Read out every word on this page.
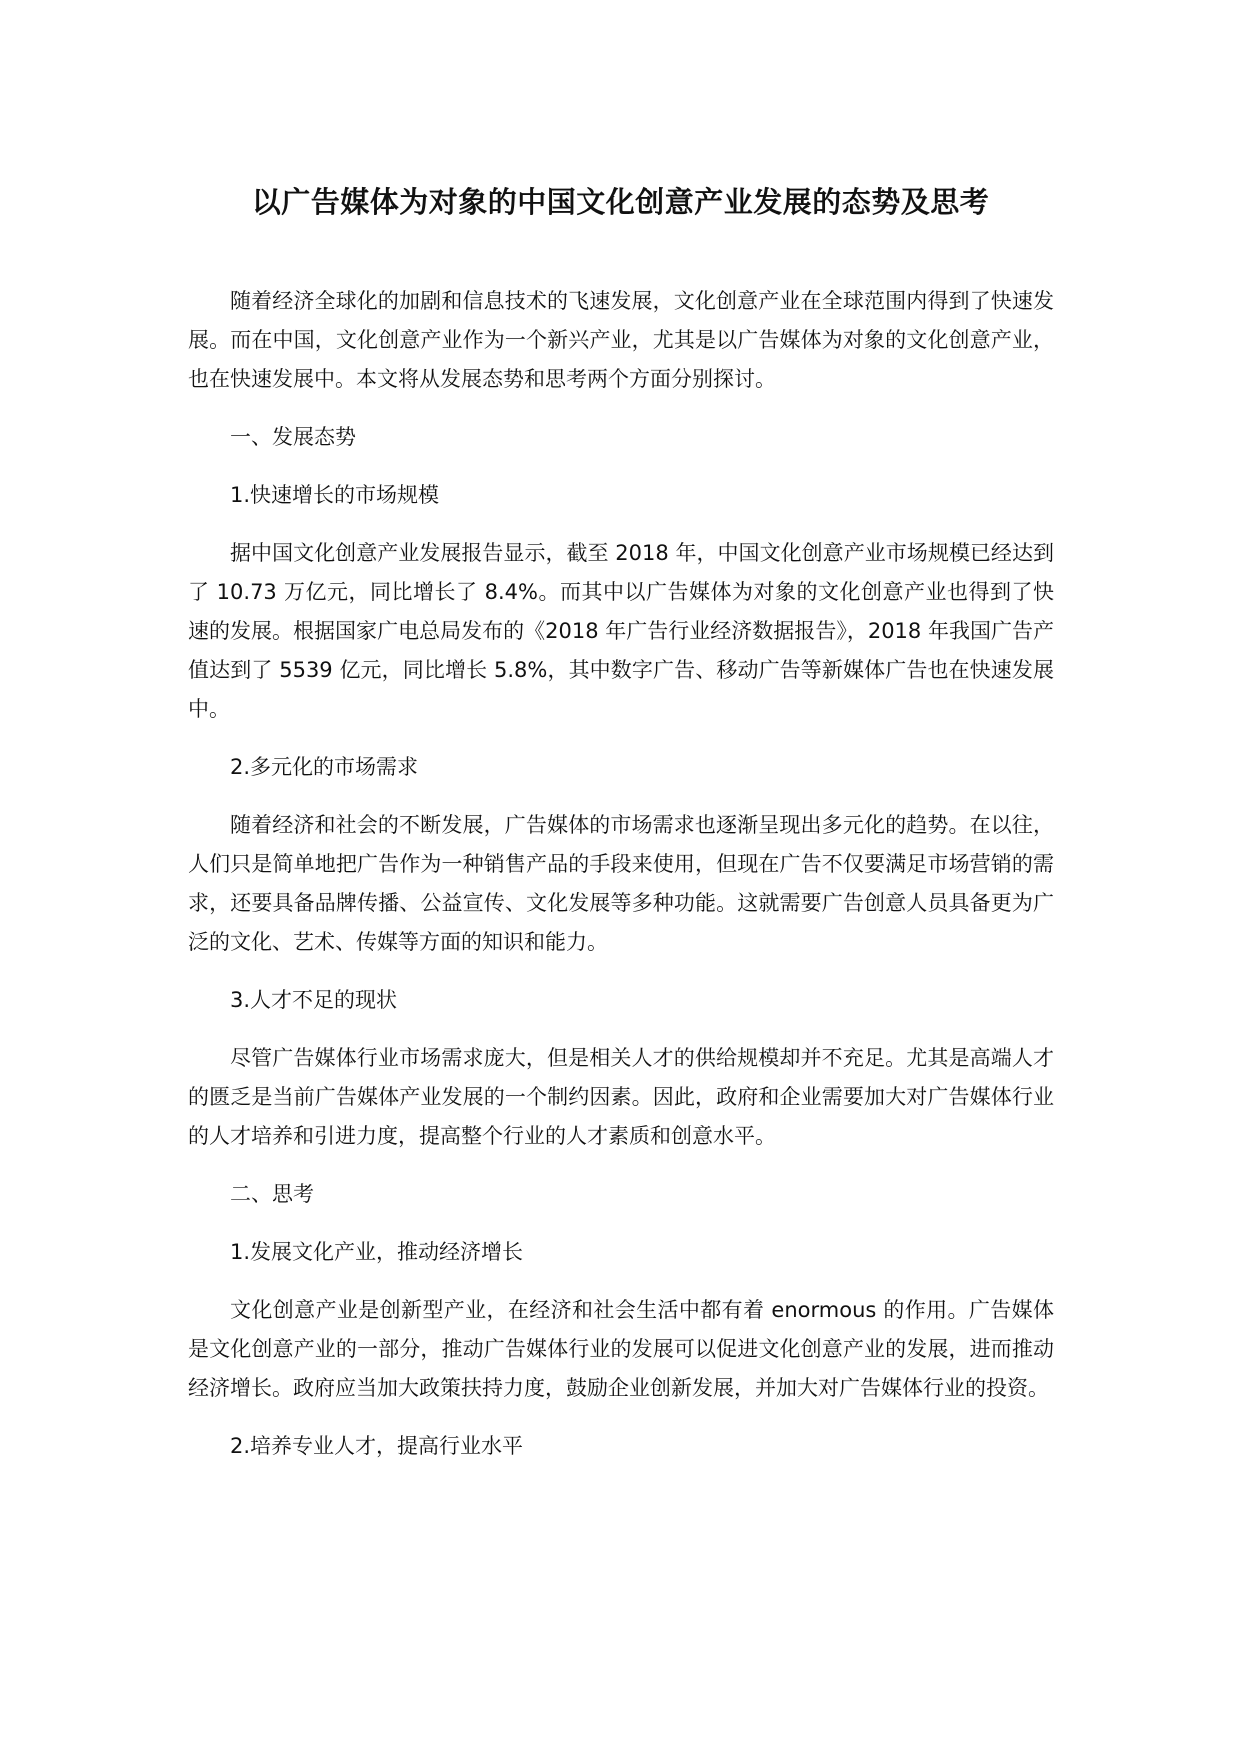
以广告媒体为对象的中国文化创意产业发展的态势及思考

随着经济全球化的加剧和信息技术的飞速发展，文化创意产业在全球范围内得到了快速发展。而在中国，文化创意产业作为一个新兴产业，尤其是以广告媒体为对象的文化创意产业，也在快速发展中。本文将从发展态势和思考两个方面分别探讨。

一、发展态势

1.快速增长的市场规模

据中国文化创意产业发展报告显示，截至 2018 年，中国文化创意产业市场规模已经达到了 10.73 万亿元，同比增长了 8.4%。而其中以广告媒体为对象的文化创意产业也得到了快速的发展。根据国家广电总局发布的《2018 年广告行业经济数据报告》，2018 年我国广告产值达到了 5539 亿元，同比增长 5.8%，其中数字广告、移动广告等新媒体广告也在快速发展中。

2.多元化的市场需求

随着经济和社会的不断发展，广告媒体的市场需求也逐渐呈现出多元化的趋势。在以往，人们只是简单地把广告作为一种销售产品的手段来使用，但现在广告不仅要满足市场营销的需求，还要具备品牌传播、公益宣传、文化发展等多种功能。这就需要广告创意人员具备更为广泛的文化、艺术、传媒等方面的知识和能力。

3.人才不足的现状

尽管广告媒体行业市场需求庞大，但是相关人才的供给规模却并不充足。尤其是高端人才的匮乏是当前广告媒体产业发展的一个制约因素。因此，政府和企业需要加大对广告媒体行业的人才培养和引进力度，提高整个行业的人才素质和创意水平。

二、思考

1.发展文化产业，推动经济增长

文化创意产业是创新型产业，在经济和社会生活中都有着 enormous 的作用。广告媒体是文化创意产业的一部分，推动广告媒体行业的发展可以促进文化创意产业的发展，进而推动经济增长。政府应当加大政策扶持力度，鼓励企业创新发展，并加大对广告媒体行业的投资。

2.培养专业人才，提高行业水平
